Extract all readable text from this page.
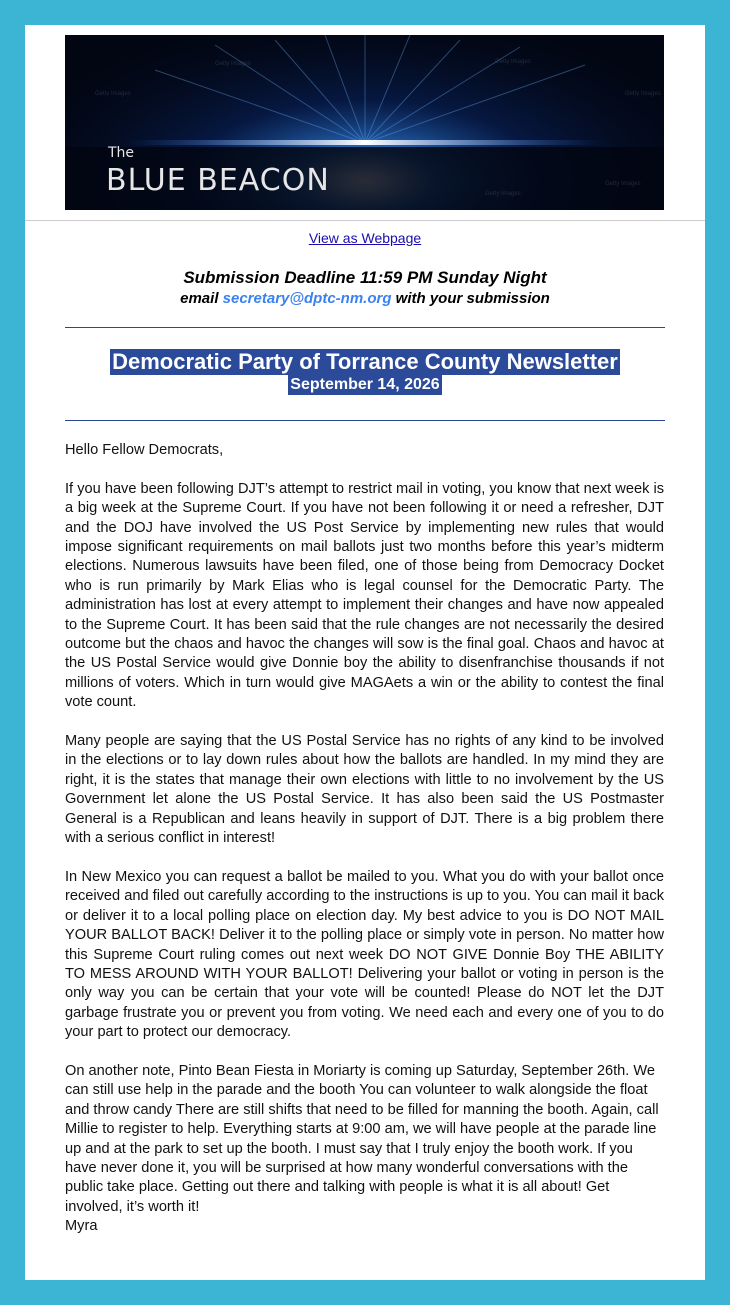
Getty Images
Getty Images	Getty Images
Getty Images
Getty Images
Getty Images
The
BLUE BEACON
View as Webpage
Submission Deadline 11:59 PM Sunday Night
email secretary@dptc-nm.org with your submission
Democratic Party of Torrance County Newsletter
September 14, 2026

Hello Fellow Democrats,

If you have been following DJT’s attempt to restrict mail in voting, you know that next week is a big week at the Supreme Court. If you have not been following it or need a refresher, DJT and the DOJ have involved the US Post Service by implementing new rules that would impose significant requirements on mail ballots just two months before this year’s midterm elections. Numerous lawsuits have been filed, one of those being from Democracy Docket who is run primarily by Mark Elias who is legal counsel for the Democratic Party. The administration has lost at every attempt to implement their changes and have now appealed to the Supreme Court. It has been said that the rule changes are not necessarily the desired outcome but the chaos and havoc the changes will sow is the final goal. Chaos and havoc at the US Postal Service would give Donnie boy the ability to disenfranchise thousands if not millions of voters. Which in turn would give MAGAets a win or the ability to contest the final vote count.

Many people are saying that the US Postal Service has no rights of any kind to be involved in the elections or to lay down rules about how the ballots are handled. In my mind they are right, it is the states that manage their own elections with little to no involvement by the US Government let alone the US Postal Service. It has also been said the US Postmaster General is a Republican and leans heavily in support of DJT. There is a big problem there with a serious conflict in interest!

In New Mexico you can request a ballot be mailed to you. What you do with your ballot once received and filed out carefully according to the instructions is up to you. You can mail it back or deliver it to a local polling place on election day. My best advice to you is DO NOT MAIL YOUR BALLOT BACK! Deliver it to the polling place or simply vote in person. No matter how this Supreme Court ruling comes out next week DO NOT GIVE Donnie Boy THE ABILITY TO MESS AROUND WITH YOUR BALLOT! Delivering your ballot or voting in person is the only way you can be certain that your vote will be counted! Please do NOT let the DJT garbage frustrate you or prevent you from voting. We need each and every one of you to do your part to protect our democracy.

On another note, Pinto Bean Fiesta in Moriarty is coming up Saturday, September 26th. We can still use help in the parade and the booth You can volunteer to walk alongside the float and throw candy There are still shifts that need to be filled for manning the booth. Again, call Millie to register to help. Everything starts at 9:00 am, we will have people at the parade line up and at the park to set up the booth. I must say that I truly enjoy the booth work. If you have never done it, you will be surprised at how many wonderful conversations with the public take place. Getting out there and talking with people is what it is all about! Get involved, it’s worth it!
Myra
